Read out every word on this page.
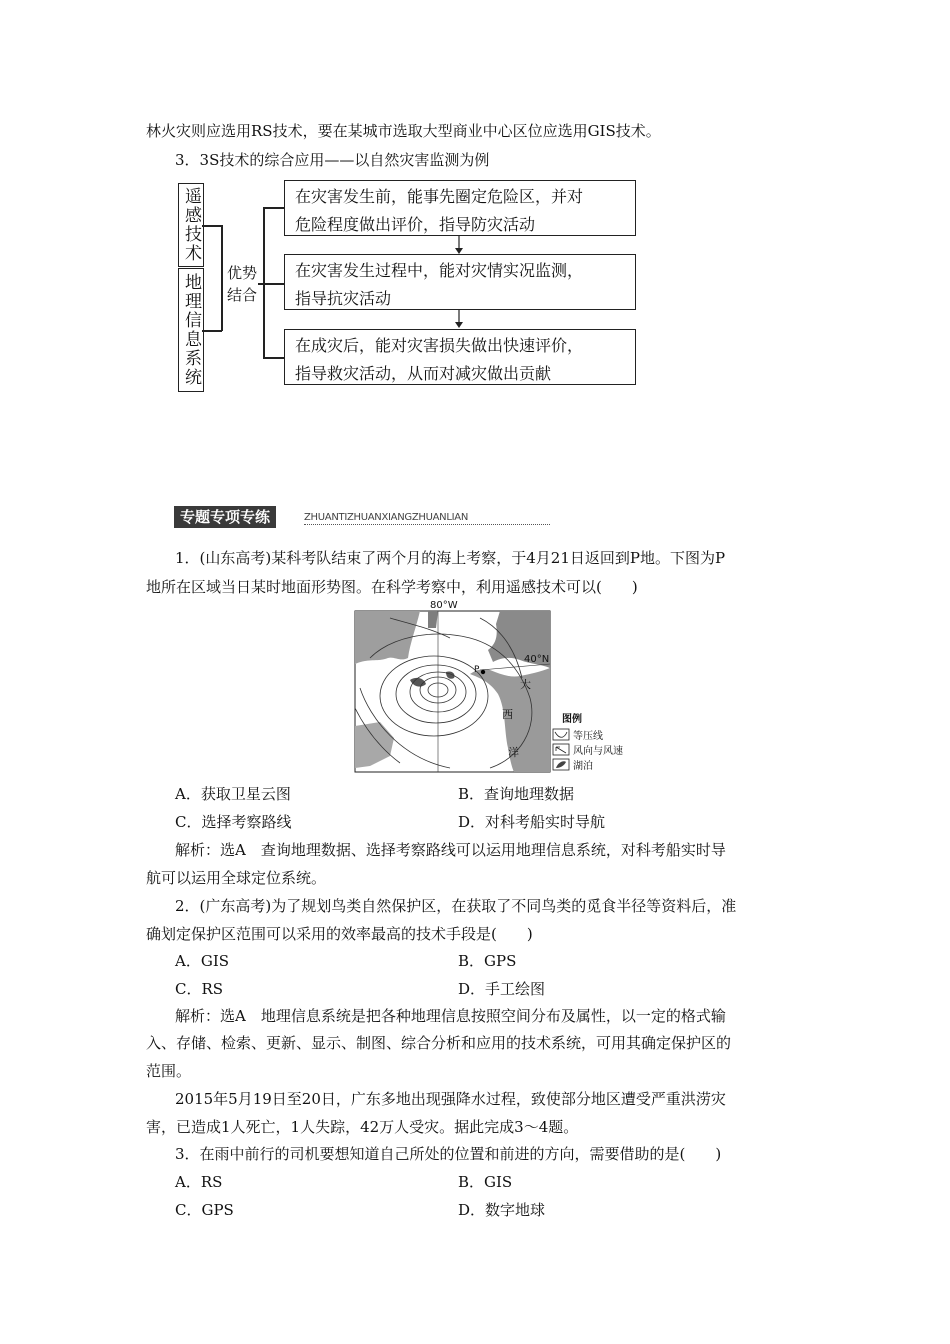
林火灾则应选用RS技术，要在某城市选取大型商业中心区位应选用GIS技术。
3．3S技术的综合应用——以自然灾害监测为例
遥感技术
地理信息系统	优势结合
在灾害发生前，能事先圈定危险区，并对
危险程度做出评价，指导防灾活动
在灾害发生过程中，能对灾情实况监测，
指导抗灾活动
在成灾后，能对灾害损失做出快速评价，
指导救灾活动，从而对减灾做出贡献
专题专项专练	ZHUANTIZHUANXIANGZHUANLIAN
1．(山东高考)某科考队结束了两个月的海上考察，于4月21日返回到P地。下图为P
地所在区域当日某时地面形势图。在科学考察中，利用遥感技术可以(　　)
P
80°W
40°N
大
西
洋
图例
等压线
风向与风速
湖泊
A．获取卫星云图	B．查询地理数据
C．选择考察路线	D．对科考船实时导航
解析：选A　查询地理数据、选择考察路线可以运用地理信息系统，对科考船实时导
航可以运用全球定位系统。
2．(广东高考)为了规划鸟类自然保护区，在获取了不同鸟类的觅食半径等资料后，准
确划定保护区范围可以采用的效率最高的技术手段是(　　)
A．GIS	B．GPS
C．RS	D．手工绘图
解析：选A　地理信息系统是把各种地理信息按照空间分布及属性，以一定的格式输
入、存储、检索、更新、显示、制图、综合分析和应用的技术系统，可用其确定保护区的
范围。
2015年5月19日至20日，广东多地出现强降水过程，致使部分地区遭受严重洪涝灾
害，已造成1人死亡，1人失踪，42万人受灾。据此完成3～4题。
3．在雨中前行的司机要想知道自己所处的位置和前进的方向，需要借助的是(　　)
A．RS	B．GIS
C．GPS	D．数字地球
